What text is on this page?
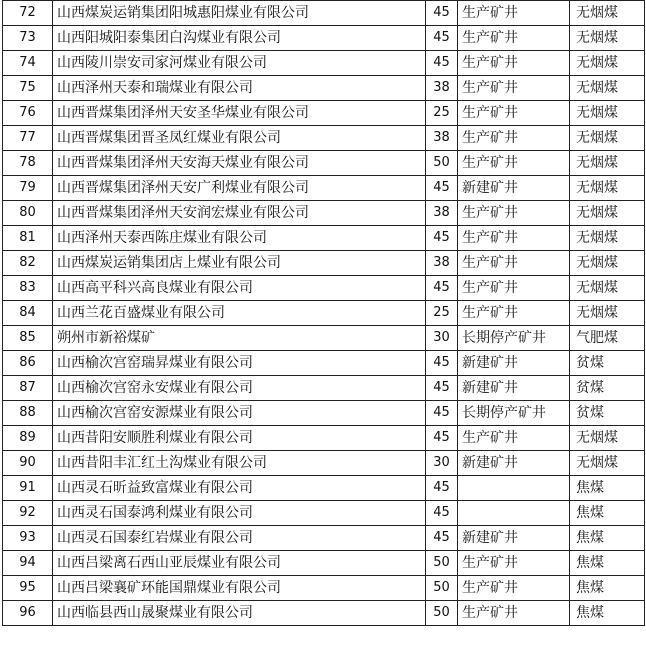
72	山西煤炭运销集团阳城惠阳煤业有限公司	45	生产矿井	无烟煤
73	山西阳城阳泰集团白沟煤业有限公司	45	生产矿井	无烟煤
74	山西陵川崇安司家河煤业有限公司	45	生产矿井	无烟煤
75	山西泽州天泰和瑞煤业有限公司	38	生产矿井	无烟煤
76	山西晋煤集团泽州天安圣华煤业有限公司	25	生产矿井	无烟煤
77	山西晋煤集团晋圣凤红煤业有限公司	38	生产矿井	无烟煤
78	山西晋煤集团泽州天安海天煤业有限公司	50	生产矿井	无烟煤
79	山西晋煤集团泽州天安广利煤业有限公司	45	新建矿井	无烟煤
80	山西晋煤集团泽州天安润宏煤业有限公司	38	生产矿井	无烟煤
81	山西泽州天泰西陈庄煤业有限公司	45	生产矿井	无烟煤
82	山西煤炭运销集团店上煤业有限公司	38	生产矿井	无烟煤
83	山西高平科兴高良煤业有限公司	45	生产矿井	无烟煤
84	山西兰花百盛煤业有限公司	25	生产矿井	无烟煤
85	朔州市新裕煤矿	30	长期停产矿井	气肥煤
86	山西榆次宫窑瑞昇煤业有限公司	45	新建矿井	贫煤
87	山西榆次宫窑永安煤业有限公司	45	新建矿井	贫煤
88	山西榆次宫窑安源煤业有限公司	45	长期停产矿井	贫煤
89	山西昔阳安顺胜利煤业有限公司	45	生产矿井	无烟煤
90	山西昔阳丰汇红土沟煤业有限公司	30	新建矿井	无烟煤
91	山西灵石昕益致富煤业有限公司	45		焦煤
92	山西灵石国泰鸿利煤业有限公司	45		焦煤
93	山西灵石国泰红岩煤业有限公司	45	新建矿井	焦煤
94	山西吕梁离石西山亚辰煤业有限公司	50	生产矿井	焦煤
95	山西吕梁襄矿环能国鼎煤业有限公司	50	生产矿井	焦煤
96	山西临县西山晟聚煤业有限公司	50	生产矿井	焦煤
